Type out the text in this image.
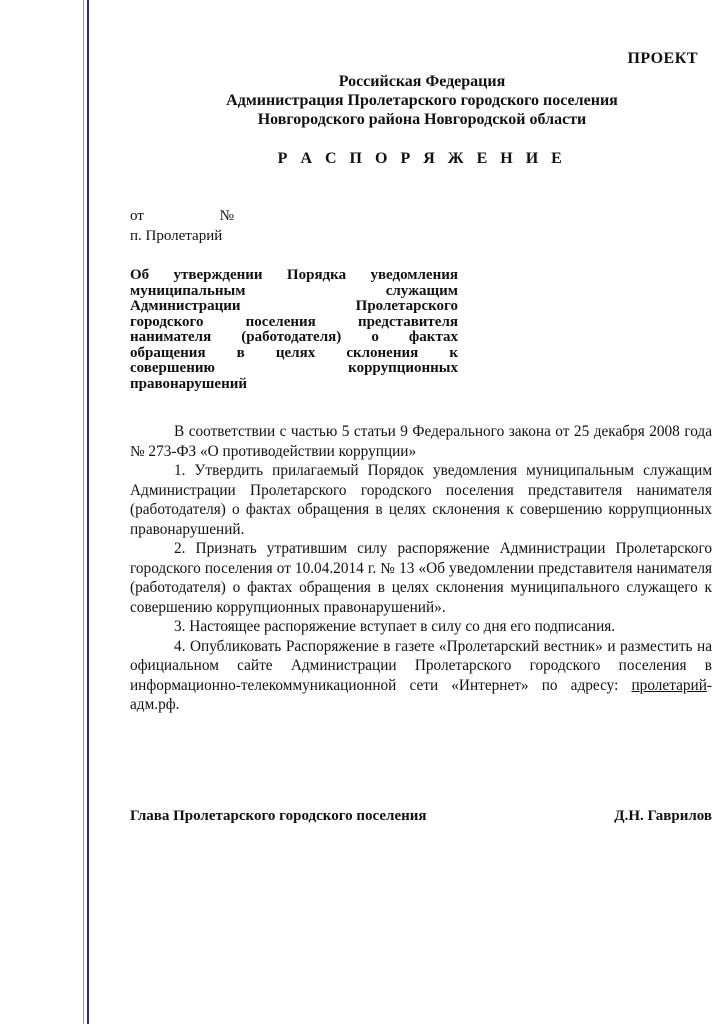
ПРОЕКТ
Российская Федерация
Администрация Пролетарского городского поселения
Новгородского района Новгородской области
Р А С П О Р Я Ж Е Н И Е
от	№
п. Пролетарий
Об утверждении Порядка уведомления
муниципальным служащим
Администрации Пролетарского
городского поселения представителя
нанимателя (работодателя) о фактах
обращения в целях склонения к
совершению коррупционных
правонарушений

В соответствии с частью 5 статьи 9 Федерального закона от 25 декабря 2008 года № 273-ФЗ «О противодействии коррупции»

1. Утвердить прилагаемый Порядок уведомления муниципальным служащим Администрации Пролетарского городского поселения представителя нанимателя (работодателя) о фактах обращения в целях склонения к совершению коррупционных правонарушений.

2. Признать утратившим силу распоряжение Администрации Пролетарского городского поселения от 10.04.2014 г. № 13 «Об уведомлении представителя нанимателя (работодателя) о фактах обращения в целях склонения муниципального служащего к совершению коррупционных правонарушений».

3. Настоящее распоряжение вступает в силу со дня его подписания.

4. Опубликовать Распоряжение в газете «Пролетарский вестник» и разместить на официальном сайте Администрации Пролетарского городского поселения в информационно-телекоммуникационной сети «Интернет» по адресу: пролетарий-адм.рф.

Глава Пролетарского городского поселения	Д.Н. Гаврилов
